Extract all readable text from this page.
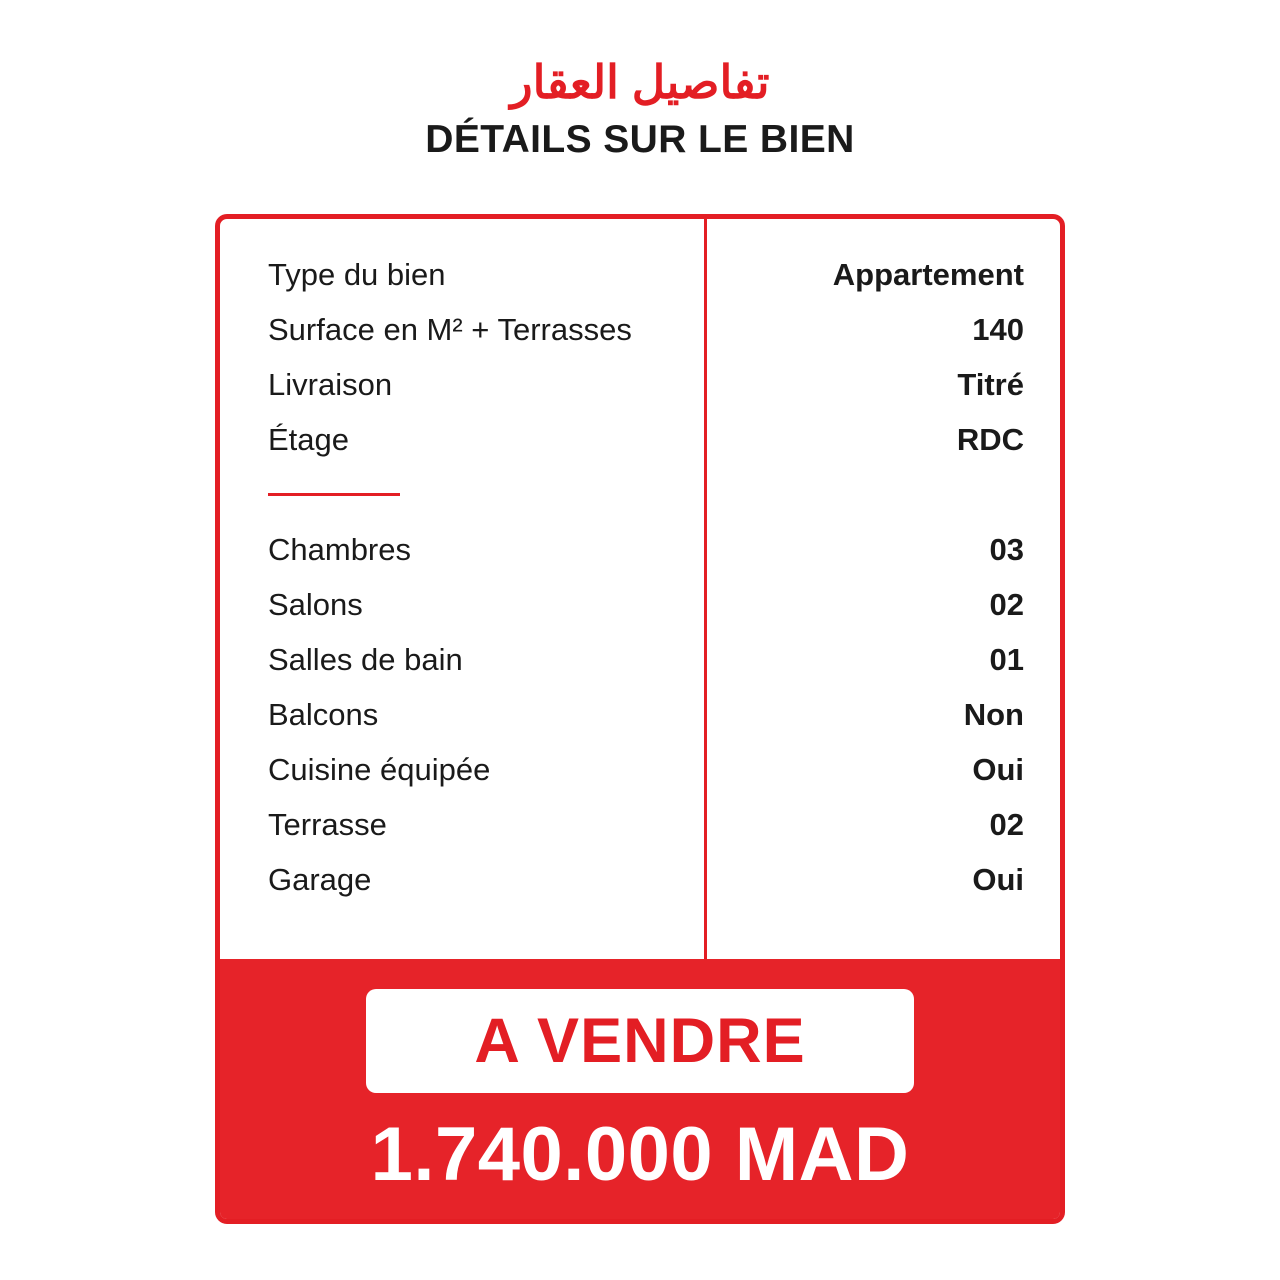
تفاصيل العقار
DÉTAILS SUR LE BIEN
Type du bien
Surface en M² + Terrasses
Livraison
Étage
Chambres
Salons
Salles de bain
Balcons
Cuisine équipée
Terrasse
Garage
Appartement
140
Titré
RDC
03
02
01
Non
Oui
02
Oui
A VENDRE
1.740.000 MAD
